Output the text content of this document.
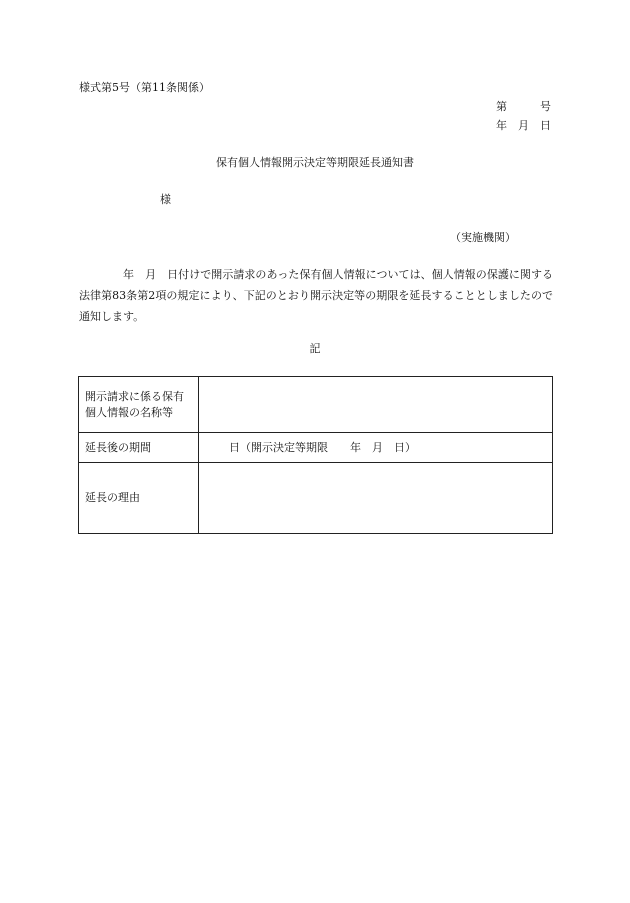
様式第5号（第11条関係）
第　　　号
年　月　日
保有個人情報開示決定等期限延長通知書
様
（実施機関）
年　月　日付けで開示請求のあった保有個人情報については、個人情報の保護に関する法律第83条第2項の規定により、下記のとおり開示決定等の期限を延長することとしましたので通知します。
記
開示請求に係る保有個人情報の名称等	
延長後の期間	日（開示決定等期限　　年　月　日）
延長の理由	
